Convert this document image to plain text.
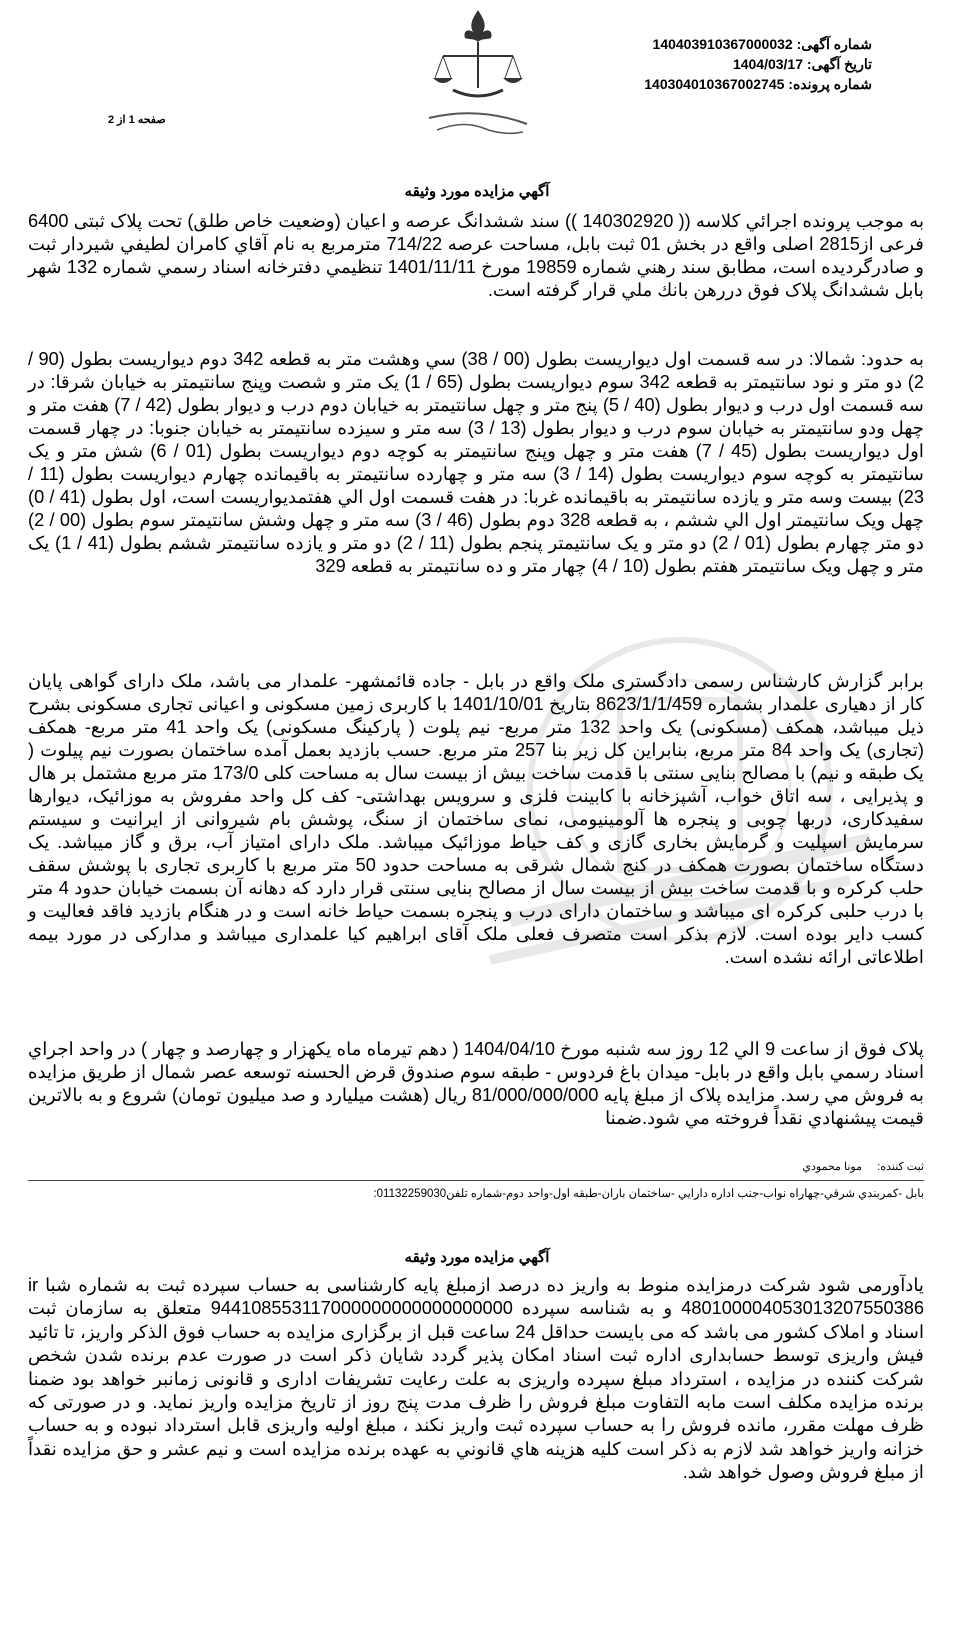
شماره آگهی: 140403910367000032
تاریخ آگهی: 1404/03/17
شماره پرونده: 140304010367002745
صفحه 1 از 2
آگهي مزايده مورد وثيقه
به موجب پرونده اجرائي كلاسه (( 140302920 )) سند ششدانگ عرصه و اعيان (وضعيت خاص طلق) تحت پلاک ثبتی 6400 فرعی از2815 اصلی واقع در بخش 01 ثبت بابل، مساحت عرصه 714/22 مترمربع به نام آقاي كامران لطيفي شيردار ثبت و صادرگرديده است، مطابق سند رهني شماره 19859 مورخ 1401/11/11 تنظيمي دفترخانه اسناد رسمي شماره 132 شهر بابل ششدانگ پلاک فوق دررهن بانك ملي قرار گرفته است.
به حدود: شمالا: در سه قسمت اول دیواریست بطول (00 / 38) سي وهشت متر به قطعه 342 دوم دیواریست بطول (90 / 2) دو متر و نود سانتیمتر به قطعه 342 سوم دیواریست بطول (65 / 1) یک متر و شصت وپنج سانتیمتر به خیابان شرقا: در سه قسمت اول درب و دیوار بطول (40 / 5) پنج متر و چهل سانتیمتر به خیابان دوم درب و دیوار بطول (42 / 7) هفت متر و چهل ودو سانتیمتر به خیابان سوم درب و دیوار بطول (13 / 3) سه متر و سیزده سانتیمتر به خیابان جنوبا: در چهار قسمت اول دیواریست بطول (45 / 7) هفت متر و چهل وپنج سانتیمتر به کوچه دوم دیواریست بطول (01 / 6) شش متر و یک سانتیمتر به کوچه سوم دیواریست بطول (14 / 3) سه متر و چهارده سانتیمتر به باقیمانده چهارم دیواریست بطول (11 / 23) بیست وسه متر و یازده سانتیمتر به باقیمانده غربا: در هفت قسمت اول الي هفتمدیواریست است، اول بطول (41 / 0) چهل ویک سانتیمتر اول الي ششم ، به قطعه 328 دوم بطول (46 / 3) سه متر و چهل وشش سانتیمتر سوم بطول (00 / 2) دو متر چهارم بطول (01 / 2) دو متر و یک سانتیمتر پنجم بطول (11 / 2) دو متر و یازده سانتیمتر ششم بطول (41 / 1) یک متر و چهل ویک سانتیمتر هفتم بطول (10 / 4) چهار متر و ده سانتیمتر به قطعه 329
برابر گزارش کارشناس رسمی دادگستری ملک واقع در بابل - جاده قائمشهر- علمدار می باشد، ملک دارای گواهی پایان کار از دهیاری علمدار بشماره 8623/1/1/459 بتاریخ 1401/10/01 با کاربری زمین مسکونی و اعیانی تجاری مسکونی بشرح ذیل میباشد، همکف (مسکونی) یک واحد 132 متر مربع- نیم پلوت ( پارکینگ مسکونی) یک واحد 41 متر مربع- همکف (تجاری) یک واحد 84 متر مربع، بنابراین کل زیر بنا 257 متر مربع. حسب بازدید بعمل آمده ساختمان بصورت نیم پیلوت ( یک طبقه و نیم) با مصالح بنایی سنتی با قدمت ساخت بیش از بیست سال به مساحت کلی 173/0 متر مربع مشتمل بر هال و پذیرایی ، سه اتاق خواب، آشپزخانه با کابینت فلزی و سرویس بهداشتی- کف کل واحد مفروش به موزائیک، دیوارها سفیدکاری، دربها چوبی و پنجره ها آلومینیومی، نمای ساختمان از سنگ، پوشش بام شیروانی از ایرانیت و سیستم سرمایش اسپلیت و گرمایش بخاری گازی و کف حیاط موزائیک میباشد. ملک دارای امتیاز آب، برق و گاز میباشد. یک دستگاه ساختمان بصورت همکف در کنج شمال شرقی به مساحت حدود 50 متر مربع با کاربری تجاری با پوشش سقف حلب کرکره و با قدمت ساخت بیش از بیست سال از مصالح بنایی سنتی قرار دارد که دهانه آن بسمت خیابان حدود 4 متر با درب حلبی کرکره ای میباشد و ساختمان دارای درب و پنجره بسمت حیاط خانه است و در هنگام بازدید فاقد فعالیت و کسب دایر بوده است. لازم بذکر است متصرف فعلی ملک آقای ابراهیم کیا علمداری میباشد و مدارکی در مورد بیمه اطلاعاتی ارائه نشده است.
پلاک فوق از ساعت 9 الي 12 روز سه شنبه مورخ 1404/04/10 ( دهم تیرماه ماه یکهزار و چهارصد و چهار ) در واحد اجراي اسناد رسمي بابل واقع در بابل- ميدان باغ فردوس - طبقه سوم صندوق قرض الحسنه توسعه عصر شمال از طريق مزايده به فروش مي رسد. مزايده پلاک از مبلغ پايه 81/000/000/000 ريال (هشت ميليارد و صد ميليون تومان) شروع و به بالاترين قيمت پيشنهادي نقداً فروخته مي شود.ضمنا
ثبت كننده:     مونا محمودي
بابل -كمربندي شرقي-چهاراه نواب-جنب اداره دارايي -ساختمان باران-طبقه اول-واحد دوم-شماره تلفن01132259030:
آگهي مزايده مورد وثيقه
یادآورمی شود شرکت درمزایده منوط به واریز ده درصد ازمبلغ پایه کارشناسی به حساب سپرده ثبت به شماره شبا ir 480100004053013207550386 و به شناسه سپرده 944108553117000000000000000000 متعلق به سازمان ثبت اسناد و املاک کشور می باشد که می بایست حداقل 24 ساعت قبل از برگزاری مزایده به حساب فوق الذکر واریز، تا تائید فیش واریزی توسط حسابداری اداره ثبت اسناد امکان پذیر گردد شایان ذکر است در صورت عدم برنده شدن شخص شرکت کننده در مزایده ، استرداد مبلغ سپرده واریزی به علت رعایت تشریفات اداری و قانونی زمانبر خواهد بود ضمنا برنده مزایده مکلف است مابه التفاوت مبلغ فروش را ظرف مدت پنج روز از تاریخ مزایده واریز نماید. و در صورتی که ظرف مهلت مقرر، مانده فروش را به حساب سپرده ثبت واریز نکند ، مبلغ اولیه واریزی قابل استرداد نبوده و به حساب خزانه واریز خواهد شد لازم به ذکر است کلیه هزینه هاي قانوني به عهده برنده مزایده است و نیم عشر و حق مزایده نقداً از مبلغ فروش وصول خواهد شد.
